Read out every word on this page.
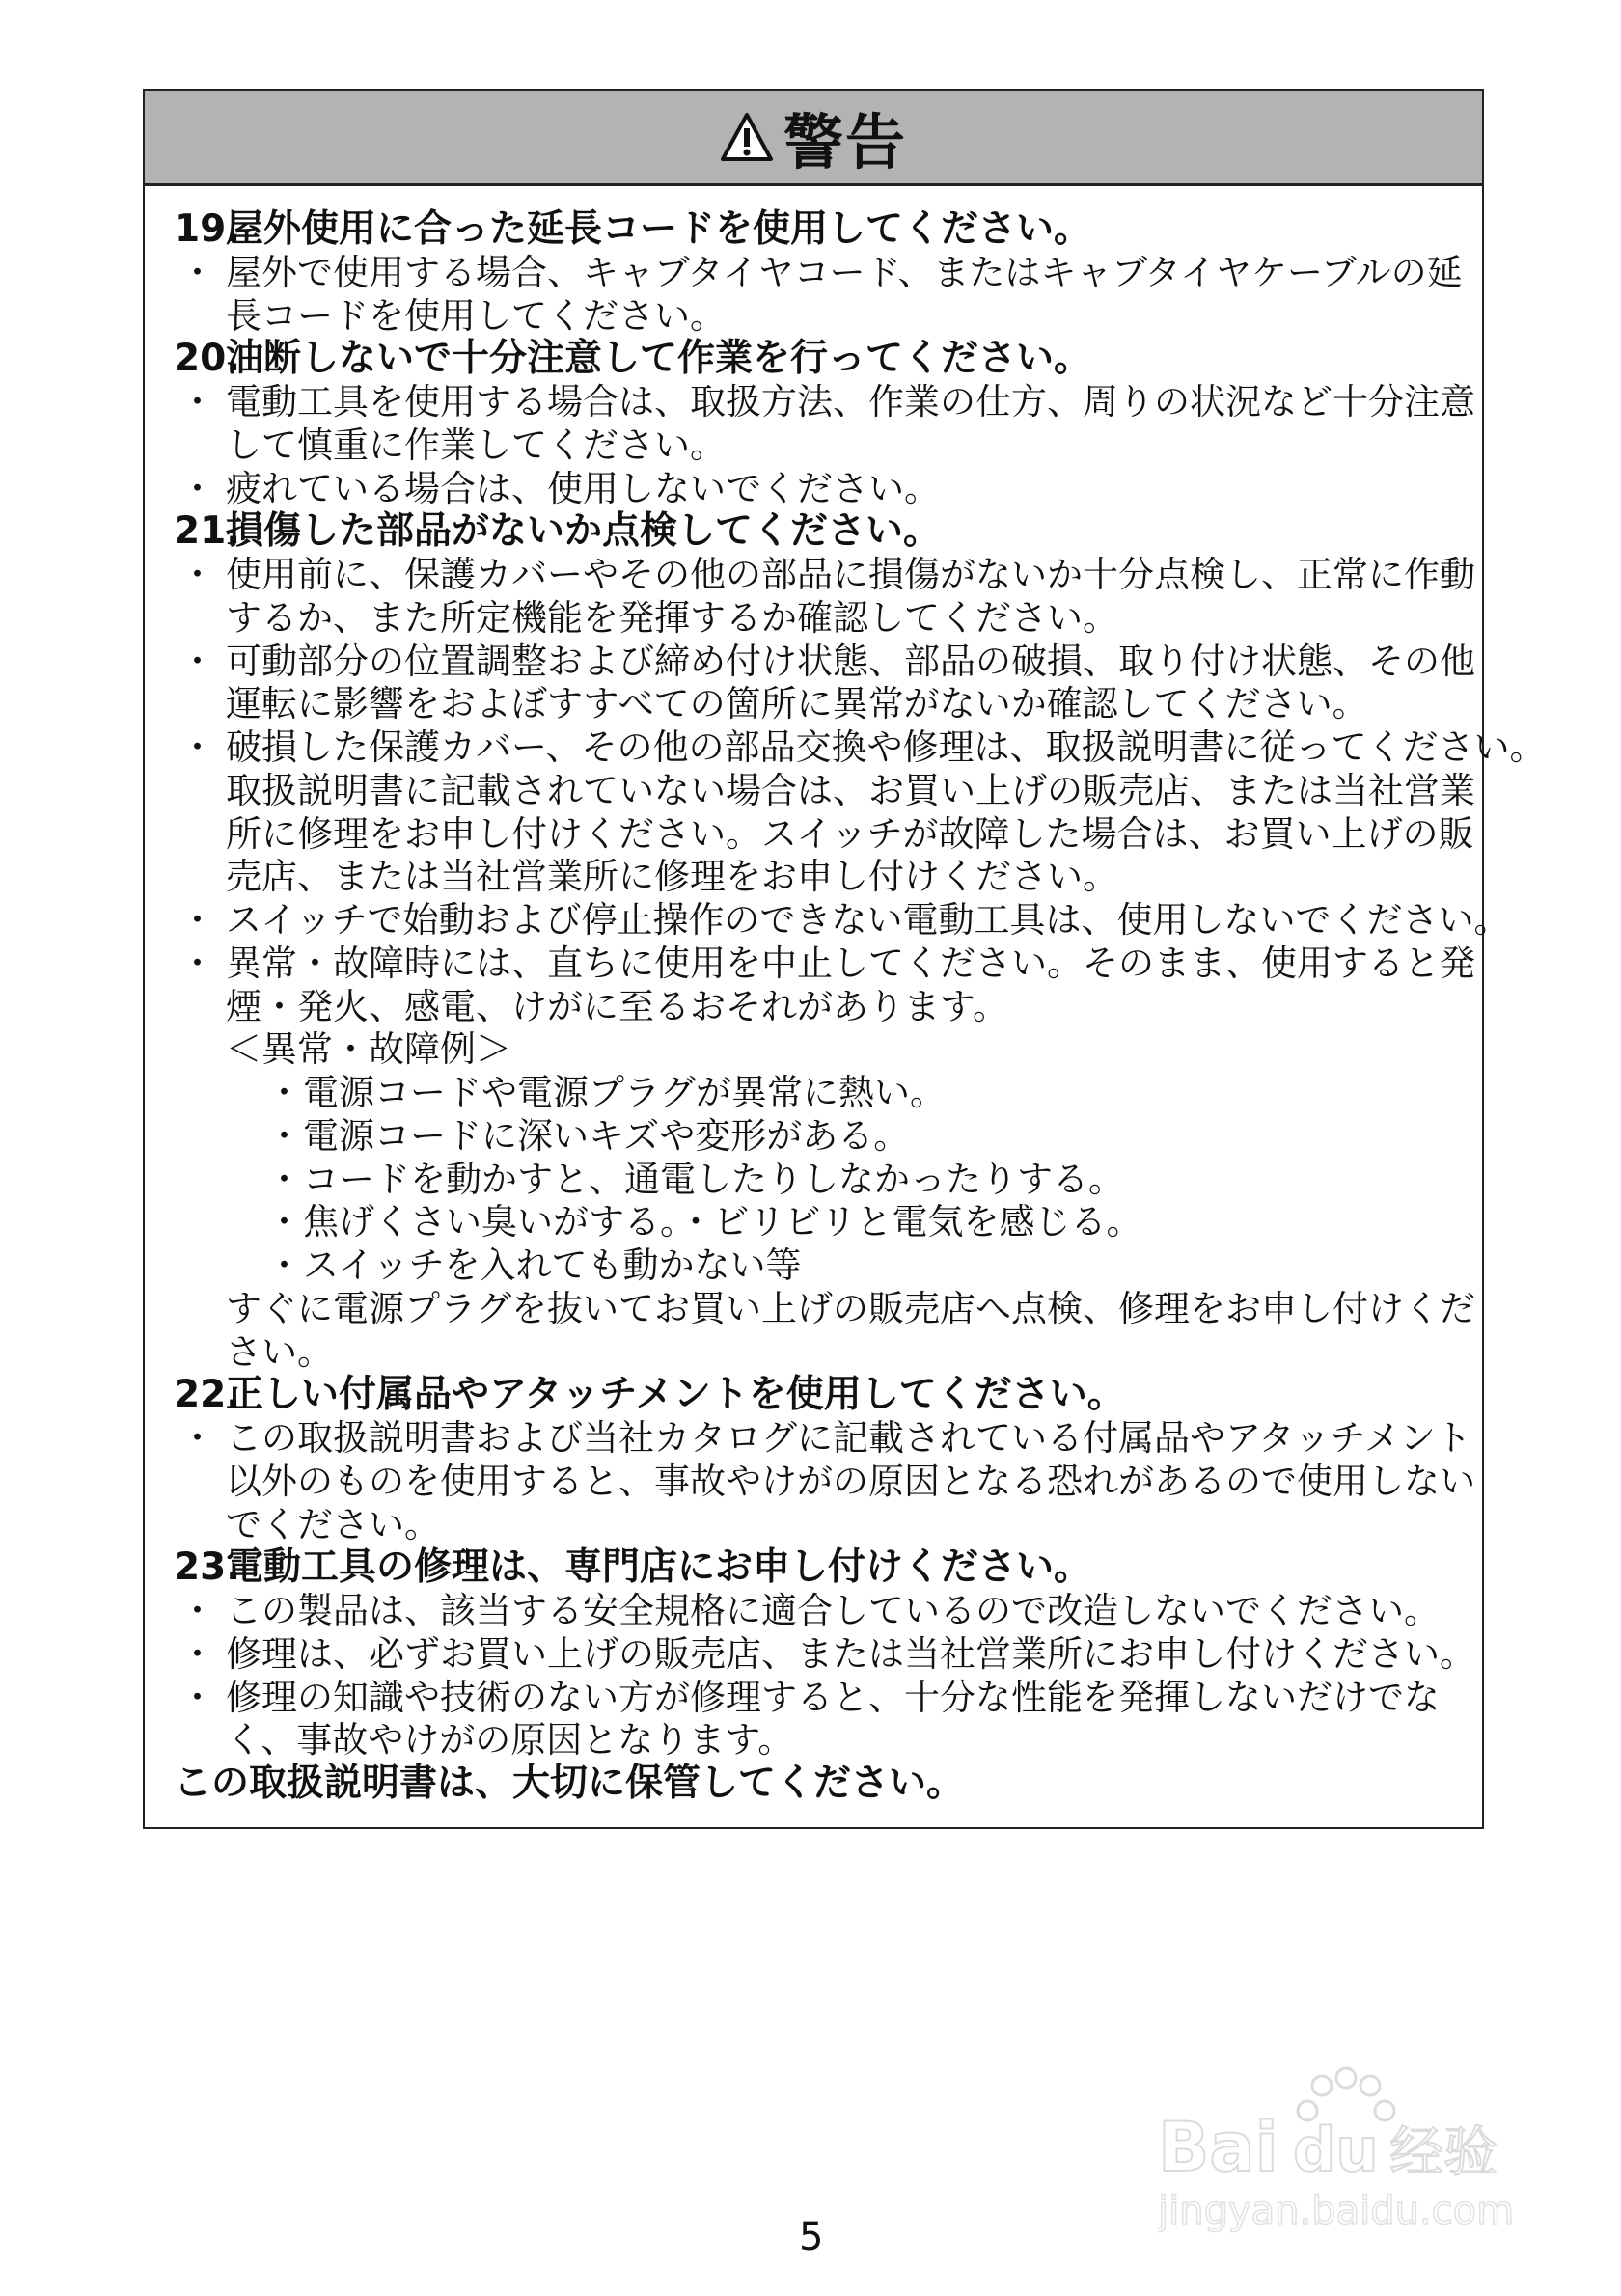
警告
19.
屋外使用に合った延長コードを使用してください。
・ 屋外で使用する場合、キャブタイヤコード、またはキャブタイヤケーブルの延
長コードを使用してください。
20.
油断しないで十分注意して作業を行ってください。
・ 電動工具を使用する場合は、取扱方法、作業の仕方、周りの状況など十分注意
して慎重に作業してください。
・ 疲れている場合は、使用しないでください。
21.
損傷した部品がないか点検してください。
・ 使用前に、保護カバーやその他の部品に損傷がないか十分点検し、正常に作動
するか、また所定機能を発揮するか確認してください。
・ 可動部分の位置調整および締め付け状態、部品の破損、取り付け状態、その他
運転に影響をおよぼすすべての箇所に異常がないか確認してください。
・ 破損した保護カバー、その他の部品交換や修理は、取扱説明書に従ってください。
取扱説明書に記載されていない場合は、お買い上げの販売店、または当社営業
所に修理をお申し付けください。スイッチが故障した場合は、お買い上げの販
売店、または当社営業所に修理をお申し付けください。
・ スイッチで始動および停止操作のできない電動工具は、使用しないでください。
・ 異常・故障時には、直ちに使用を中止してください。そのまま、使用すると発
煙・発火、感電、けがに至るおそれがあります。
＜異常・故障例＞
・ 電源コードや電源プラグが異常に熱い。
・ 電源コードに深いキズや変形がある。
・ コードを動かすと、通電したりしなかったりする。
・ 焦げくさい臭いがする。・ビリビリと電気を感じる。
・ スイッチを入れても動かない等
すぐに電源プラグを抜いてお買い上げの販売店へ点検、修理をお申し付けくだ
さい。
22.
正しい付属品やアタッチメントを使用してください。
・ この取扱説明書および当社カタログに記載されている付属品やアタッチメント
以外のものを使用すると、事故やけがの原因となる恐れがあるので使用しない
でください。
23.
電動工具の修理は、専門店にお申し付けください。
・ この製品は、該当する安全規格に適合しているので改造しないでください。
・ 修理は、必ずお買い上げの販売店、または当社営業所にお申し付けください。
・ 修理の知識や技術のない方が修理すると、十分な性能を発揮しないだけでな
く、事故やけがの原因となります。
この取扱説明書は、大切に保管してください。
5
Bai du 经验
jingyan.baidu.com
